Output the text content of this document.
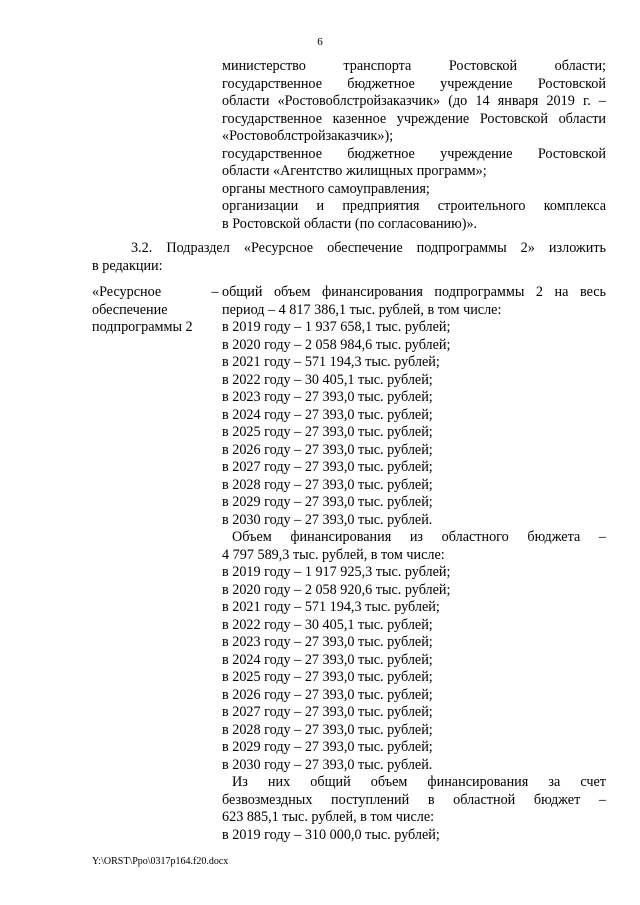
6
министерство транспорта Ростовской области;
государственное бюджетное учреждение Ростовской
области «Ростовоблстройзаказчик» (до 14 января 2019 г. –
государственное казенное учреждение Ростовской области
«Ростовоблстройзаказчик»);
государственное бюджетное учреждение Ростовской
области «Агентство жилищных программ»;
органы местного самоуправления;
организации и предприятия строительного комплекса
в Ростовской области (по согласованию)».
3.2. Подраздел «Ресурсное обеспечение подпрограммы 2» изложить
в редакции:
«Ресурсное
обеспечение
подпрограммы 2
– общий объем финансирования подпрограммы 2 на весь
период – 4 817 386,1 тыс. рублей, в том числе:
в 2019 году – 1 937 658,1 тыс. рублей;
в 2020 году – 2 058 984,6 тыс. рублей;
в 2021 году – 571 194,3 тыс. рублей;
в 2022 году – 30 405,1 тыс. рублей;
в 2023 году – 27 393,0 тыс. рублей;
в 2024 году – 27 393,0 тыс. рублей;
в 2025 году – 27 393,0 тыс. рублей;
в 2026 году – 27 393,0 тыс. рублей;
в 2027 году – 27 393,0 тыс. рублей;
в 2028 году – 27 393,0 тыс. рублей;
в 2029 году – 27 393,0 тыс. рублей;
в 2030 году – 27 393,0 тыс. рублей.
Объем финансирования из областного бюджета –
4 797 589,3 тыс. рублей, в том числе:
в 2019 году – 1 917 925,3 тыс. рублей;
в 2020 году – 2 058 920,6 тыс. рублей;
в 2021 году – 571 194,3 тыс. рублей;
в 2022 году – 30 405,1 тыс. рублей;
в 2023 году – 27 393,0 тыс. рублей;
в 2024 году – 27 393,0 тыс. рублей;
в 2025 году – 27 393,0 тыс. рублей;
в 2026 году – 27 393,0 тыс. рублей;
в 2027 году – 27 393,0 тыс. рублей;
в 2028 году – 27 393,0 тыс. рублей;
в 2029 году – 27 393,0 тыс. рублей;
в 2030 году – 27 393,0 тыс. рублей.
Из них общий объем финансирования за счет
безвозмездных поступлений в областной бюджет –
623 885,1 тыс. рублей, в том числе:
в 2019 году – 310 000,0 тыс. рублей;
Y:\ORST\Ppo\0317p164.f20.docx
